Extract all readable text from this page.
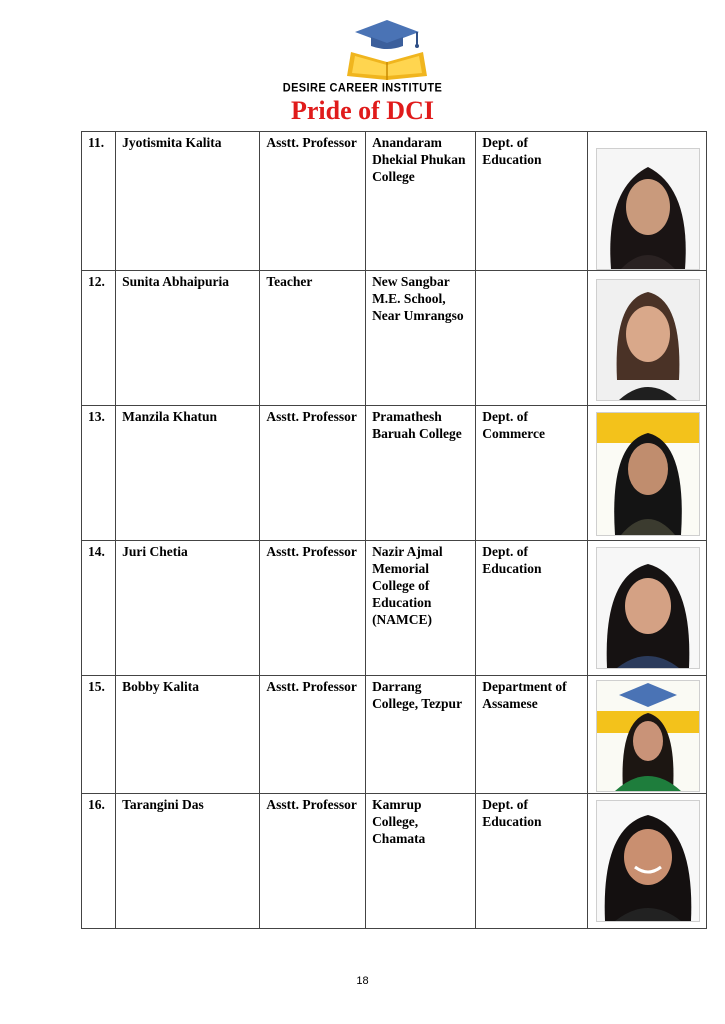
DESIRE CAREER INSTITUTE
Pride of DCI
11.	Jyotismita Kalita	Asstt. Professor	Anandaram Dhekial Phukan College	Dept. of Education	

12.	Sunita Abhaipuria	Teacher	New Sangbar M.E. School, Near Umrangso		

13.	Manzila Khatun	Asstt. Professor	Pramathesh Baruah College	Dept. of Commerce	

14.	Juri Chetia	Asstt. Professor	Nazir Ajmal Memorial College of Education (NAMCE)	Dept. of Education	

15.	Bobby Kalita	Asstt. Professor	Darrang College, Tezpur	Department of Assamese	

16.	Tarangini Das	Asstt. Professor	Kamrup College, Chamata	Dept. of Education	
18
